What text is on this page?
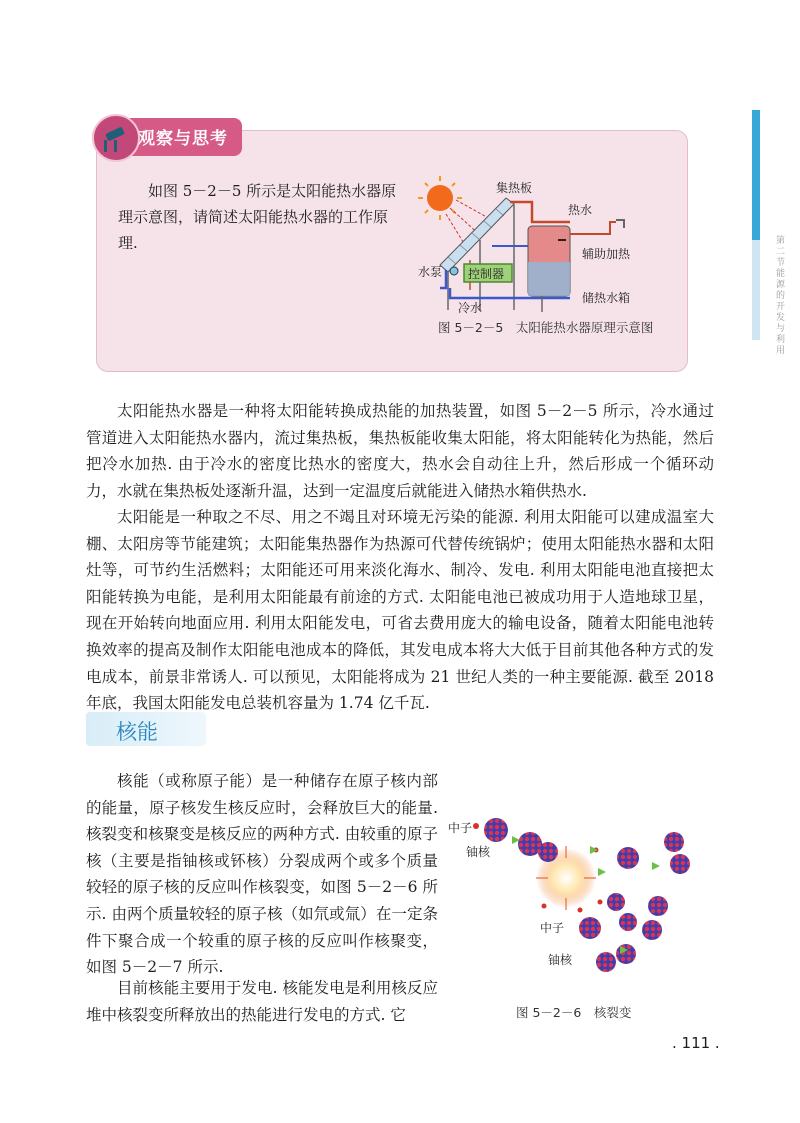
第二节 能源的开发与利用
观察与思考
如图 5－2－5 所示是太阳能热水器原理示意图，请简述太阳能热水器的工作原理.
集热板
热水
辅助加热
水泵 控制器
冷水
储热水箱
图 5－2－5　太阳能热水器原理示意图
太阳能热水器是一种将太阳能转换成热能的加热装置，如图 5－2－5 所示，冷水通过管道进入太阳能热水器内，流过集热板，集热板能收集太阳能，将太阳能转化为热能，然后把冷水加热. 由于冷水的密度比热水的密度大，热水会自动往上升，然后形成一个循环动力，水就在集热板处逐渐升温，达到一定温度后就能进入储热水箱供热水.
太阳能是一种取之不尽、用之不竭且对环境无污染的能源. 利用太阳能可以建成温室大棚、太阳房等节能建筑；太阳能集热器作为热源可代替传统锅炉；使用太阳能热水器和太阳灶等，可节约生活燃料；太阳能还可用来淡化海水、制冷、发电. 利用太阳能电池直接把太阳能转换为电能，是利用太阳能最有前途的方式. 太阳能电池已被成功用于人造地球卫星，现在开始转向地面应用. 利用太阳能发电，可省去费用庞大的输电设备，随着太阳能电池转换效率的提高及制作太阳能电池成本的降低，其发电成本将大大低于目前其他各种方式的发电成本，前景非常诱人. 可以预见，太阳能将成为 21 世纪人类的一种主要能源. 截至 2018 年底，我国太阳能发电总装机容量为 1.74 亿千瓦.
核能
核能（或称原子能）是一种储存在原子核内部的能量，原子核发生核反应时，会释放巨大的能量. 核裂变和核聚变是核反应的两种方式. 由较重的原子核（主要是指铀核或钚核）分裂成两个或多个质量较轻的原子核的反应叫作核裂变，如图 5－2－6 所示. 由两个质量较轻的原子核（如氘或氚）在一定条件下聚合成一个较重的原子核的反应叫作核聚变，如图 5－2－7 所示.
目前核能主要用于发电. 核能发电是利用核反应堆中核裂变所释放出的热能进行发电的方式. 它
中子
铀核
中子
铀核
图 5－2－6　核裂变
. 111 .
